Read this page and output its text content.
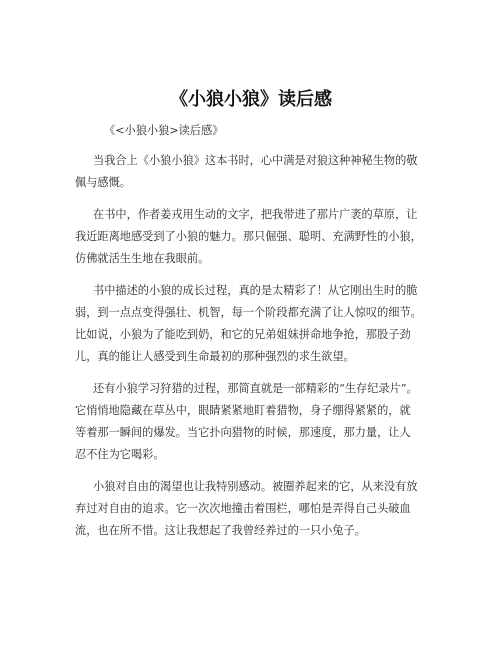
《小狼小狼》读后感
《<小狼小狼>读后感》
当我合上《小狼小狼》这本书时，心中满是对狼这种神秘生物的敬
佩与感慨。
在书中，作者姜戎用生动的文字，把我带进了那片广袤的草原，让
我近距离地感受到了小狼的魅力。那只倔强、聪明、充满野性的小狼，
仿佛就活生生地在我眼前。
书中描述的小狼的成长过程，真的是太精彩了！从它刚出生时的脆
弱，到一点点变得强壮、机智，每一个阶段都充满了让人惊叹的细节。
比如说，小狼为了能吃到奶，和它的兄弟姐妹拼命地争抢，那股子劲
儿，真的能让人感受到生命最初的那种强烈的求生欲望。
还有小狼学习狩猎的过程，那简直就是一部精彩的“生存纪录片”。
它悄悄地隐藏在草丛中，眼睛紧紧地盯着猎物，身子绷得紧紧的，就
等着那一瞬间的爆发。当它扑向猎物的时候，那速度，那力量，让人
忍不住为它喝彩。
小狼对自由的渴望也让我特别感动。被圈养起来的它，从来没有放
弃过对自由的追求。它一次次地撞击着围栏，哪怕是弄得自己头破血
流，也在所不惜。这让我想起了我曾经养过的一只小兔子。
